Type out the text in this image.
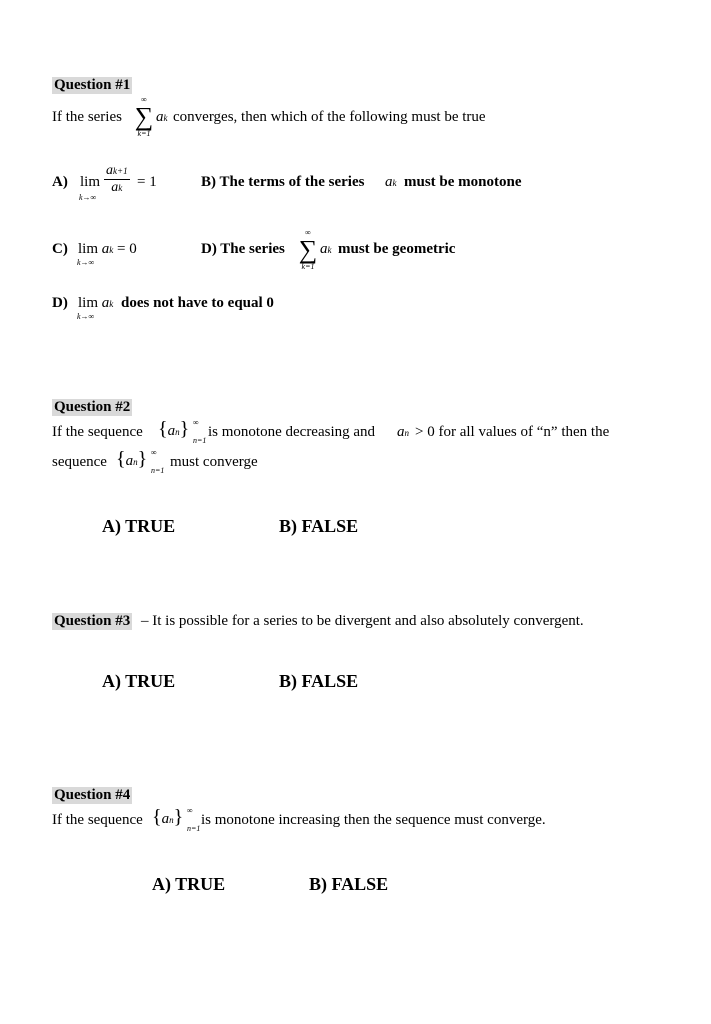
Question #1
If the series
∞
∑
k=1
ak converges, then which of the following must be true
A) lim
k→∞
$\frac{ak+1}{ak} = 1$	B) The terms of the series ak must be monotone
C) lim ak = 0
k→∞
D) The series
∞
∑
k=1
ak must be geometric
D) lim ak
k→∞
does not have to equal 0
Question #2
If the sequence {an} ∞
n=1
is monotone decreasing and an > 0 for all values of “n” then the
sequence {an} ∞
n=1
must converge
A) TRUE	B) FALSE
Question #3 – It is possible for a series to be divergent and also absolutely convergent.
A) TRUE	B) FALSE
Question #4
If the sequence {an} ∞
n=1
is monotone increasing then the sequence must converge.
A) TRUE	B) FALSE
